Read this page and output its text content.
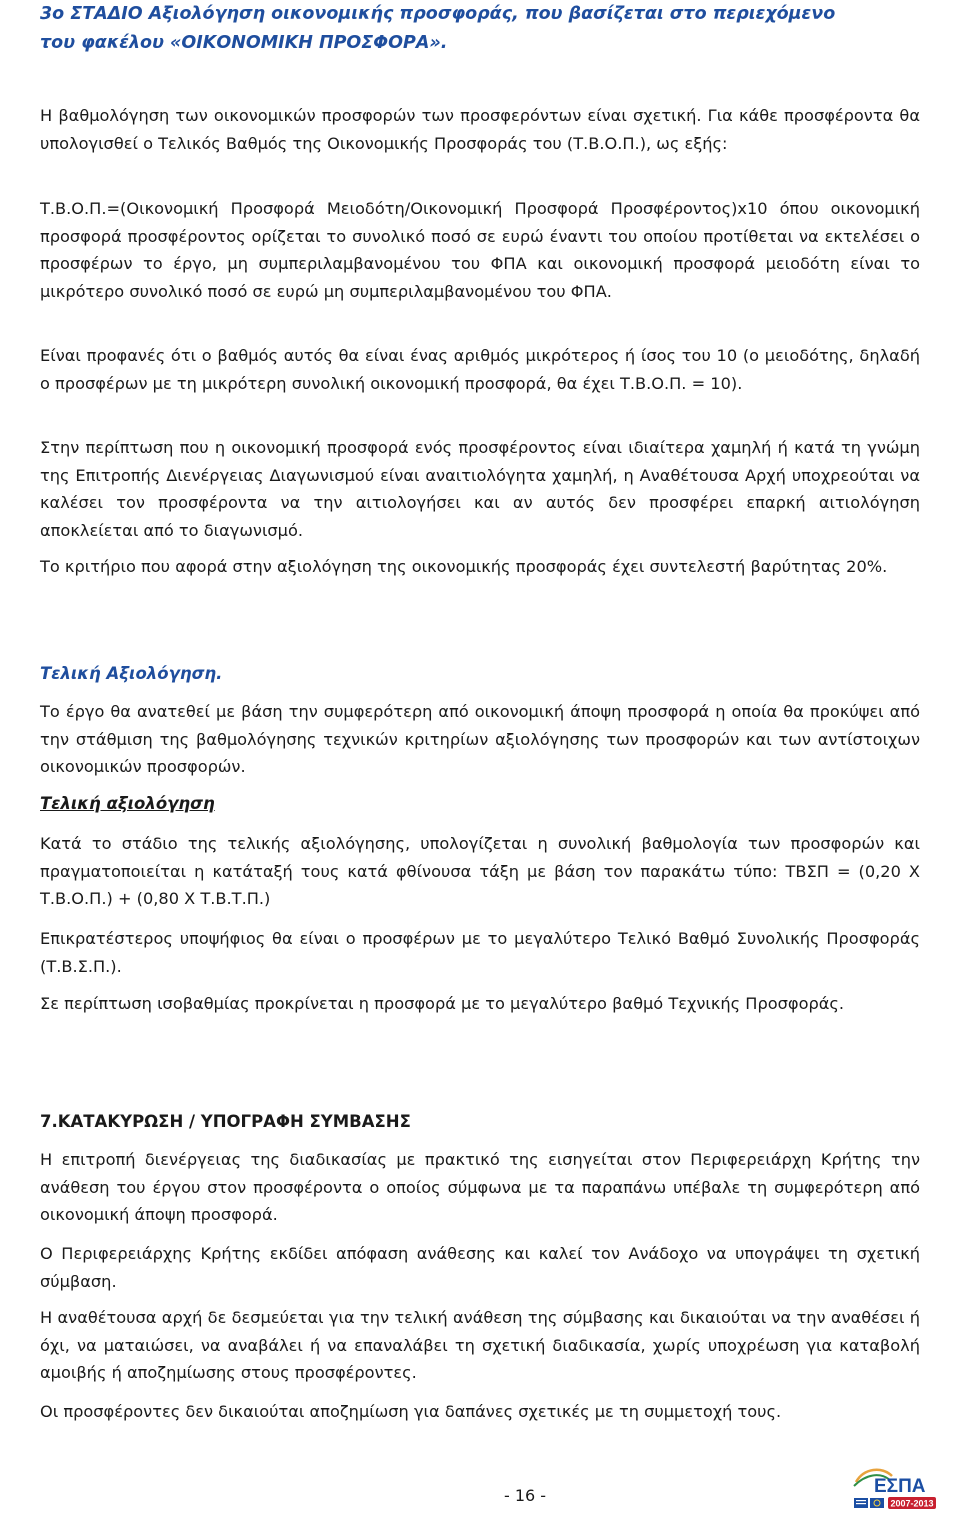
3ο ΣΤΑΔΙΟ Αξιολόγηση οικονομικής προσφοράς, που βασίζεται στο περιεχόμενο

του φακέλου «ΟΙΚΟΝΟΜΙΚΗ ΠΡΟΣΦΟΡΑ».

Η βαθμολόγηση των οικονομικών προσφορών των προσφερόντων είναι σχετική. Για κάθε προσφέροντα θα υπολογισθεί ο Τελικός Βαθμός της Οικονομικής Προσφοράς του (Τ.Β.Ο.Π.), ως εξής:

Τ.Β.Ο.Π.=(Οικονομική Προσφορά Μειοδότη/Οικονομική Προσφορά Προσφέροντος)x10 όπου οικονομική προσφορά προσφέροντος ορίζεται το συνολικό ποσό σε ευρώ έναντι του οποίου προτίθεται να εκτελέσει ο προσφέρων το έργο, μη συμπεριλαμβανομένου του ΦΠΑ και οικονομική προσφορά μειοδότη είναι το μικρότερο συνολικό ποσό σε ευρώ μη συμπεριλαμβανομένου του ΦΠΑ.

Είναι προφανές ότι ο βαθμός αυτός θα είναι ένας αριθμός μικρότερος ή ίσος του 10 (ο μειοδότης, δηλαδή ο προσφέρων με τη μικρότερη συνολική οικονομική προσφορά, θα έχει Τ.Β.Ο.Π. = 10).

Στην περίπτωση που η οικονομική προσφορά ενός προσφέροντος είναι ιδιαίτερα χαμηλή ή κατά τη γνώμη της Επιτροπής Διενέργειας Διαγωνισμού είναι αναιτιολόγητα χαμηλή, η Αναθέτουσα Αρχή υποχρεούται να καλέσει τον προσφέροντα να την αιτιολογήσει και αν αυτός δεν προσφέρει επαρκή αιτιολόγηση αποκλείεται από το διαγωνισμό.

Το κριτήριο που αφορά στην αξιολόγηση της οικονομικής προσφοράς έχει συντελεστή βαρύτητας 20%.

Τελική Αξιολόγηση.

Το έργο θα ανατεθεί με βάση την συμφερότερη από οικονομική άποψη προσφορά η οποία θα προκύψει από την στάθμιση της βαθμολόγησης τεχνικών κριτηρίων αξιολόγησης των προσφορών και των αντίστοιχων οικονομικών προσφορών.

Τελική αξιολόγηση

Κατά το στάδιο της τελικής αξιολόγησης, υπολογίζεται η συνολική βαθμολογία των προσφορών και πραγματοποιείται η κατάταξή τους κατά φθίνουσα τάξη με βάση τον παρακάτω τύπο: ΤΒΣΠ = (0,20 Χ Τ.Β.Ο.Π.) + (0,80 Χ Τ.Β.Τ.Π.)

Επικρατέστερος υποψήφιος θα είναι ο προσφέρων με το μεγαλύτερο Τελικό Βαθμό Συνολικής Προσφοράς (Τ.Β.Σ.Π.).

Σε περίπτωση ισοβαθμίας προκρίνεται η προσφορά με το μεγαλύτερο βαθμό Τεχνικής Προσφοράς.

7.ΚΑΤΑΚΥΡΩΣΗ / ΥΠΟΓΡΑΦΗ ΣΥΜΒΑΣΗΣ

Η επιτροπή διενέργειας της διαδικασίας με πρακτικό της εισηγείται στον Περιφερειάρχη Κρήτης την ανάθεση του έργου στον προσφέροντα ο οποίος σύμφωνα με τα παραπάνω υπέβαλε τη συμφερότερη από οικονομική άποψη προσφορά.

Ο Περιφερειάρχης Κρήτης εκδίδει απόφαση ανάθεσης και καλεί τον Ανάδοχο να υπογράψει τη σχετική σύμβαση.

Η αναθέτουσα αρχή δε δεσμεύεται για την τελική ανάθεση της σύμβασης και δικαιούται να την αναθέσει ή όχι, να ματαιώσει, να αναβάλει ή να επαναλάβει τη σχετική διαδικασία, χωρίς υποχρέωση για καταβολή αμοιβής ή αποζημίωσης στους προσφέροντες.

Οι προσφέροντες δεν δικαιούται αποζημίωση για δαπάνες σχετικές με τη συμμετοχή τους.

- 16 -	ΕΣΠΑ
2007-2013
